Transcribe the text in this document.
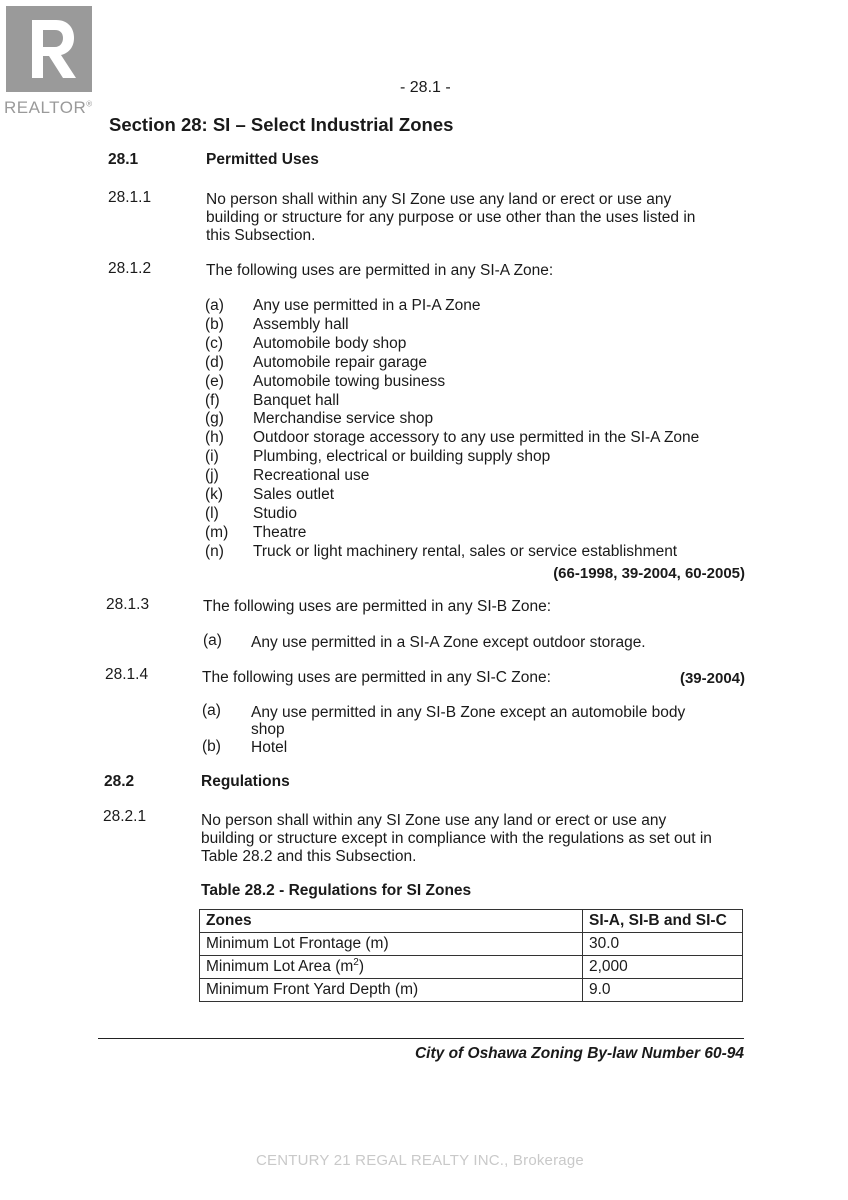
REALTOR®
- 28.1 -
Section 28: SI – Select Industrial Zones
28.1	Permitted Uses
28.1.1	No person shall within any SI Zone use any land or erect or use any
building or structure for any purpose or use other than the uses listed in
this Subsection.
28.1.2	The following uses are permitted in any SI-A Zone:
(a)	Any use permitted in a PI-A Zone
(b)	Assembly hall
(c)	Automobile body shop
(d)	Automobile repair garage
(e)	Automobile towing business
(f)	Banquet hall
(g)	Merchandise service shop
(h)	Outdoor storage accessory to any use permitted in the SI-A Zone
(i)	Plumbing, electrical or building supply shop
(j)	Recreational use
(k)	Sales outlet
(l)	Studio
(m)	Theatre
(n)	Truck or light machinery rental, sales or service establishment
(66-1998, 39-2004, 60-2005)
28.1.3	The following uses are permitted in any SI-B Zone:
(a) Any use permitted in a SI-A Zone except outdoor storage.
28.1.4	The following uses are permitted in any SI-C Zone:	(39-2004)
(a) Any use permitted in any SI-B Zone except an automobile body
shop
(b) Hotel
28.2	Regulations
28.2.1	No person shall within any SI Zone use any land or erect or use any
building or structure except in compliance with the regulations as set out in
Table 28.2 and this Subsection.
Table 28.2 - Regulations for SI Zones
Zones	SI-A, SI-B and SI-C
Minimum Lot Frontage (m)	30.0
Minimum Lot Area $(m^2)$	2,000
Minimum Front Yard Depth (m)	9.0
City of Oshawa Zoning By-law Number 60-94
CENTURY 21 REGAL REALTY INC., Brokerage
